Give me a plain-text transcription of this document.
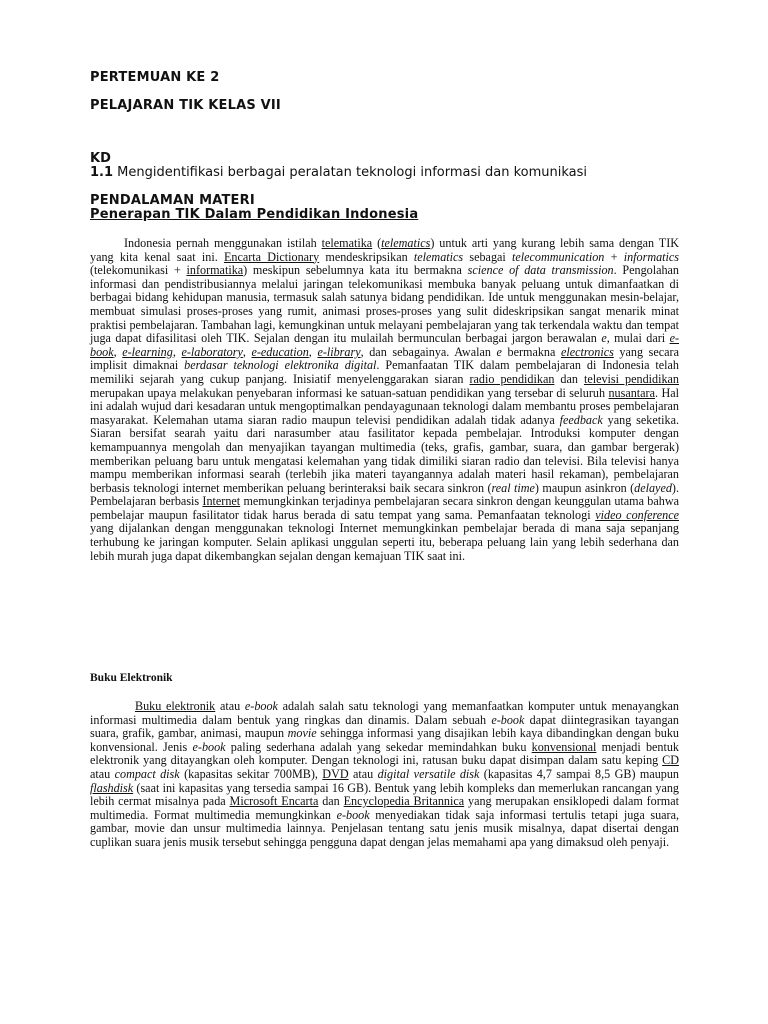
PERTEMUAN KE 2
PELAJARAN TIK KELAS VII
KD
1.1 Mengidentifikasi berbagai peralatan teknologi informasi dan komunikasi
PENDALAMAN MATERI
Penerapan TIK Dalam Pendidikan Indonesia

Indonesia pernah menggunakan istilah telematika (telematics) untuk arti yang kurang lebih sama dengan TIK yang kita kenal saat ini. Encarta Dictionary mendeskripsikan telematics sebagai telecommunication + informatics (telekomunikasi + informatika) meskipun sebelumnya kata itu bermakna science of data transmission. Pengolahan informasi dan pendistribusiannya melalui jaringan telekomunikasi membuka banyak peluang untuk dimanfaatkan di berbagai bidang kehidupan manusia, termasuk salah satunya bidang pendidikan. Ide untuk menggunakan mesin-belajar, membuat simulasi proses-proses yang rumit, animasi proses-proses yang sulit dideskripsikan sangat menarik minat praktisi pembelajaran. Tambahan lagi, kemungkinan untuk melayani pembelajaran yang tak terkendala waktu dan tempat juga dapat difasilitasi oleh TIK. Sejalan dengan itu mulailah bermunculan berbagai jargon berawalan e, mulai dari e-book, e-learning, e-laboratory, e-education, e-library, dan sebagainya. Awalan e bermakna electronics yang secara implisit dimaknai berdasar teknologi elektronika digital. Pemanfaatan TIK dalam pembelajaran di Indonesia telah memiliki sejarah yang cukup panjang. Inisiatif menyelenggarakan siaran radio pendidikan dan televisi pendidikan merupakan upaya melakukan penyebaran informasi ke satuan-satuan pendidikan yang tersebar di seluruh nusantara. Hal ini adalah wujud dari kesadaran untuk mengoptimalkan pendayagunaan teknologi dalam membantu proses pembelajaran masyarakat. Kelemahan utama siaran radio maupun televisi pendidikan adalah tidak adanya feedback yang seketika. Siaran bersifat searah yaitu dari narasumber atau fasilitator kepada pembelajar. Introduksi komputer dengan kemampuannya mengolah dan menyajikan tayangan multimedia (teks, grafis, gambar, suara, dan gambar bergerak) memberikan peluang baru untuk mengatasi kelemahan yang tidak dimiliki siaran radio dan televisi. Bila televisi hanya mampu memberikan informasi searah (terlebih jika materi tayangannya adalah materi hasil rekaman), pembelajaran berbasis teknologi internet memberikan peluang berinteraksi baik secara sinkron (real time) maupun asinkron (delayed). Pembelajaran berbasis Internet memungkinkan terjadinya pembelajaran secara sinkron dengan keunggulan utama bahwa pembelajar maupun fasilitator tidak harus berada di satu tempat yang sama. Pemanfaatan teknologi video conference yang dijalankan dengan menggunakan teknologi Internet memungkinkan pembelajar berada di mana saja sepanjang terhubung ke jaringan komputer. Selain aplikasi unggulan seperti itu, beberapa peluang lain yang lebih sederhana dan lebih murah juga dapat dikembangkan sejalan dengan kemajuan TIK saat ini.

Buku Elektronik

Buku elektronik atau e-book adalah salah satu teknologi yang memanfaatkan komputer untuk menayangkan informasi multimedia dalam bentuk yang ringkas dan dinamis. Dalam sebuah e-book dapat diintegrasikan tayangan suara, grafik, gambar, animasi, maupun movie sehingga informasi yang disajikan lebih kaya dibandingkan dengan buku konvensional. Jenis e-book paling sederhana adalah yang sekedar memindahkan buku konvensional menjadi bentuk elektronik yang ditayangkan oleh komputer. Dengan teknologi ini, ratusan buku dapat disimpan dalam satu keping CD atau compact disk (kapasitas sekitar 700MB), DVD atau digital versatile disk (kapasitas 4,7 sampai 8,5 GB) maupun flashdisk (saat ini kapasitas yang tersedia sampai 16 GB). Bentuk yang lebih kompleks dan memerlukan rancangan yang lebih cermat misalnya pada Microsoft Encarta dan Encyclopedia Britannica yang merupakan ensiklopedi dalam format multimedia. Format multimedia memungkinkan e-book menyediakan tidak saja informasi tertulis tetapi juga suara, gambar, movie dan unsur multimedia lainnya. Penjelasan tentang satu jenis musik misalnya, dapat disertai dengan cuplikan suara jenis musik tersebut sehingga pengguna dapat dengan jelas memahami apa yang dimaksud oleh penyaji.
